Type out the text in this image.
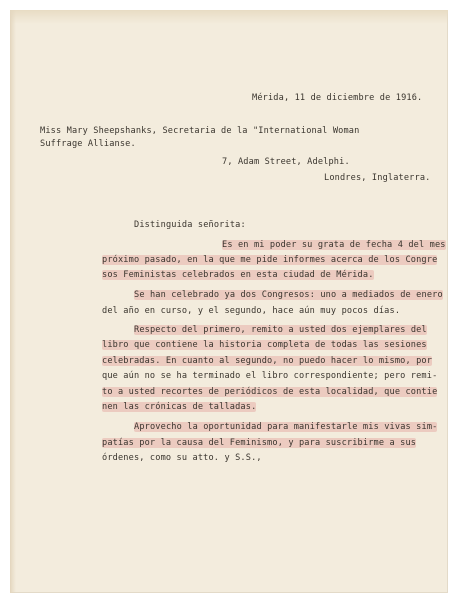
Mérida, 11 de diciembre de 1916.
Miss Mary Sheepshanks, Secretaria de la "International Woman
Suffrage Allianse.
7, Adam Street, Adelphi.
Londres, Inglaterra.
Distinguida señorita:
Es en mi poder su grata de fecha 4 del mes
próximo pasado, en la que me pide informes acerca de los Congre
sos Feministas celebrados en esta ciudad de Mérida.
Se han celebrado ya dos Congresos: uno a mediados de enero
del año en curso, y el segundo, hace aún muy pocos días.
Respecto del primero, remito a usted dos ejemplares del
libro que contiene la historia completa de todas las sesiones
celebradas. En cuanto al segundo, no puedo hacer lo mismo, por
que aún no se ha terminado el libro correspondiente; pero remi-
to a usted recortes de periódicos de esta localidad, que contie
nen las crónicas de talladas.
Aprovecho la oportunidad para manifestarle mis vivas sim-
patías por la causa del Feminismo, y para suscribirme a sus
órdenes, como su atto. y S.S.,
